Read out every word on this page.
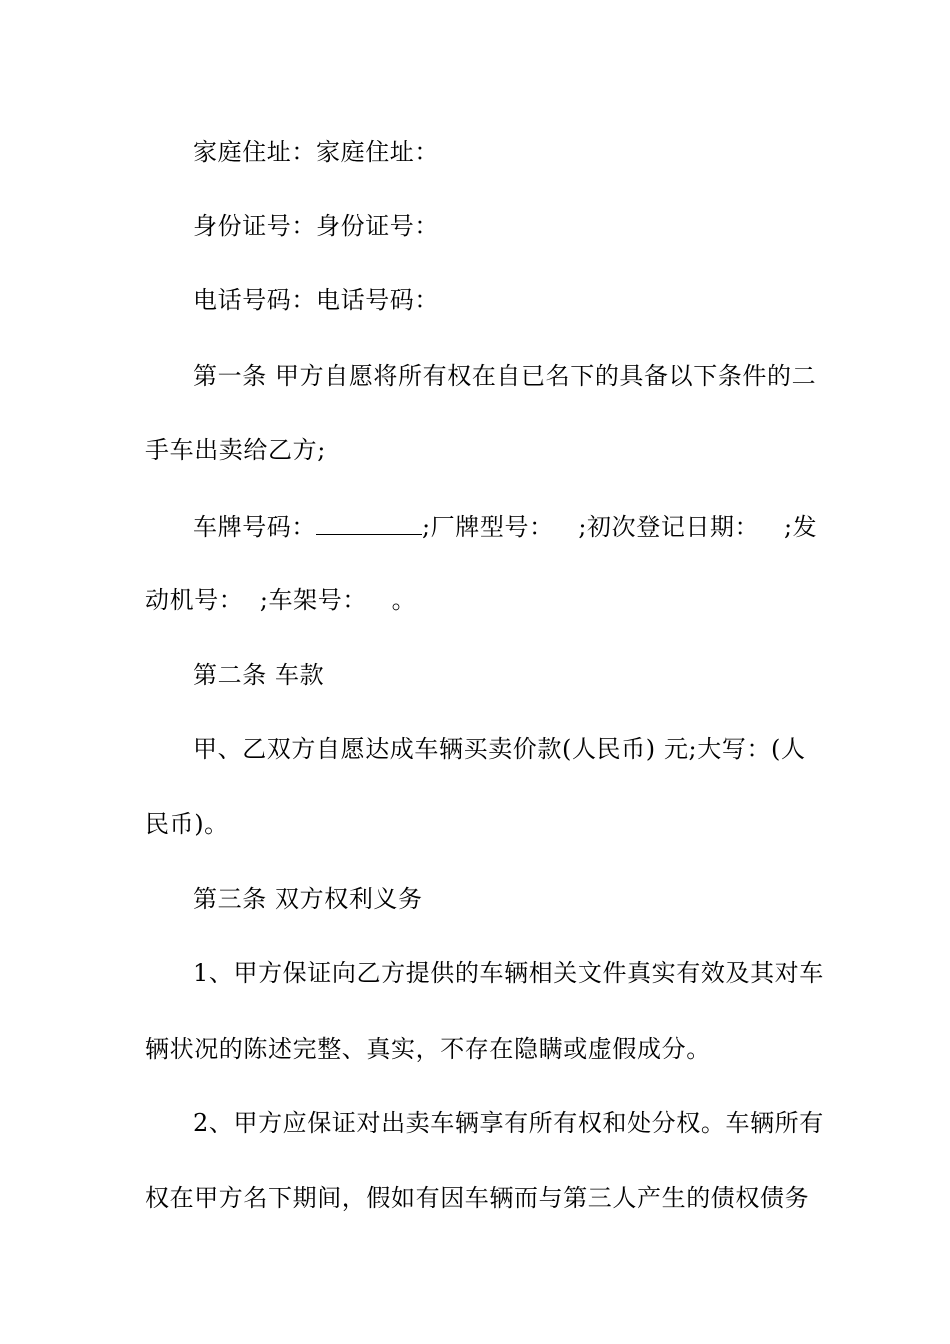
家庭住址：家庭住址：
身份证号：身份证号：
电话号码：电话号码：
第一条 甲方自愿将所有权在自已名下的具备以下条件的二
手车出卖给乙方;
车牌号码：	;厂牌型号：   ;初次登记日期：   ;发
动机号：  ;车架号：   。
第二条 车款
甲、乙双方自愿达成车辆买卖价款(人民币) 元;大写：(人
民币)。
第三条 双方权利义务
1、甲方保证向乙方提供的车辆相关文件真实有效及其对车
辆状况的陈述完整、真实，不存在隐瞒或虚假成分。
2、甲方应保证对出卖车辆享有所有权和处分权。车辆所有
权在甲方名下期间，假如有因车辆而与第三人产生的债权债务
